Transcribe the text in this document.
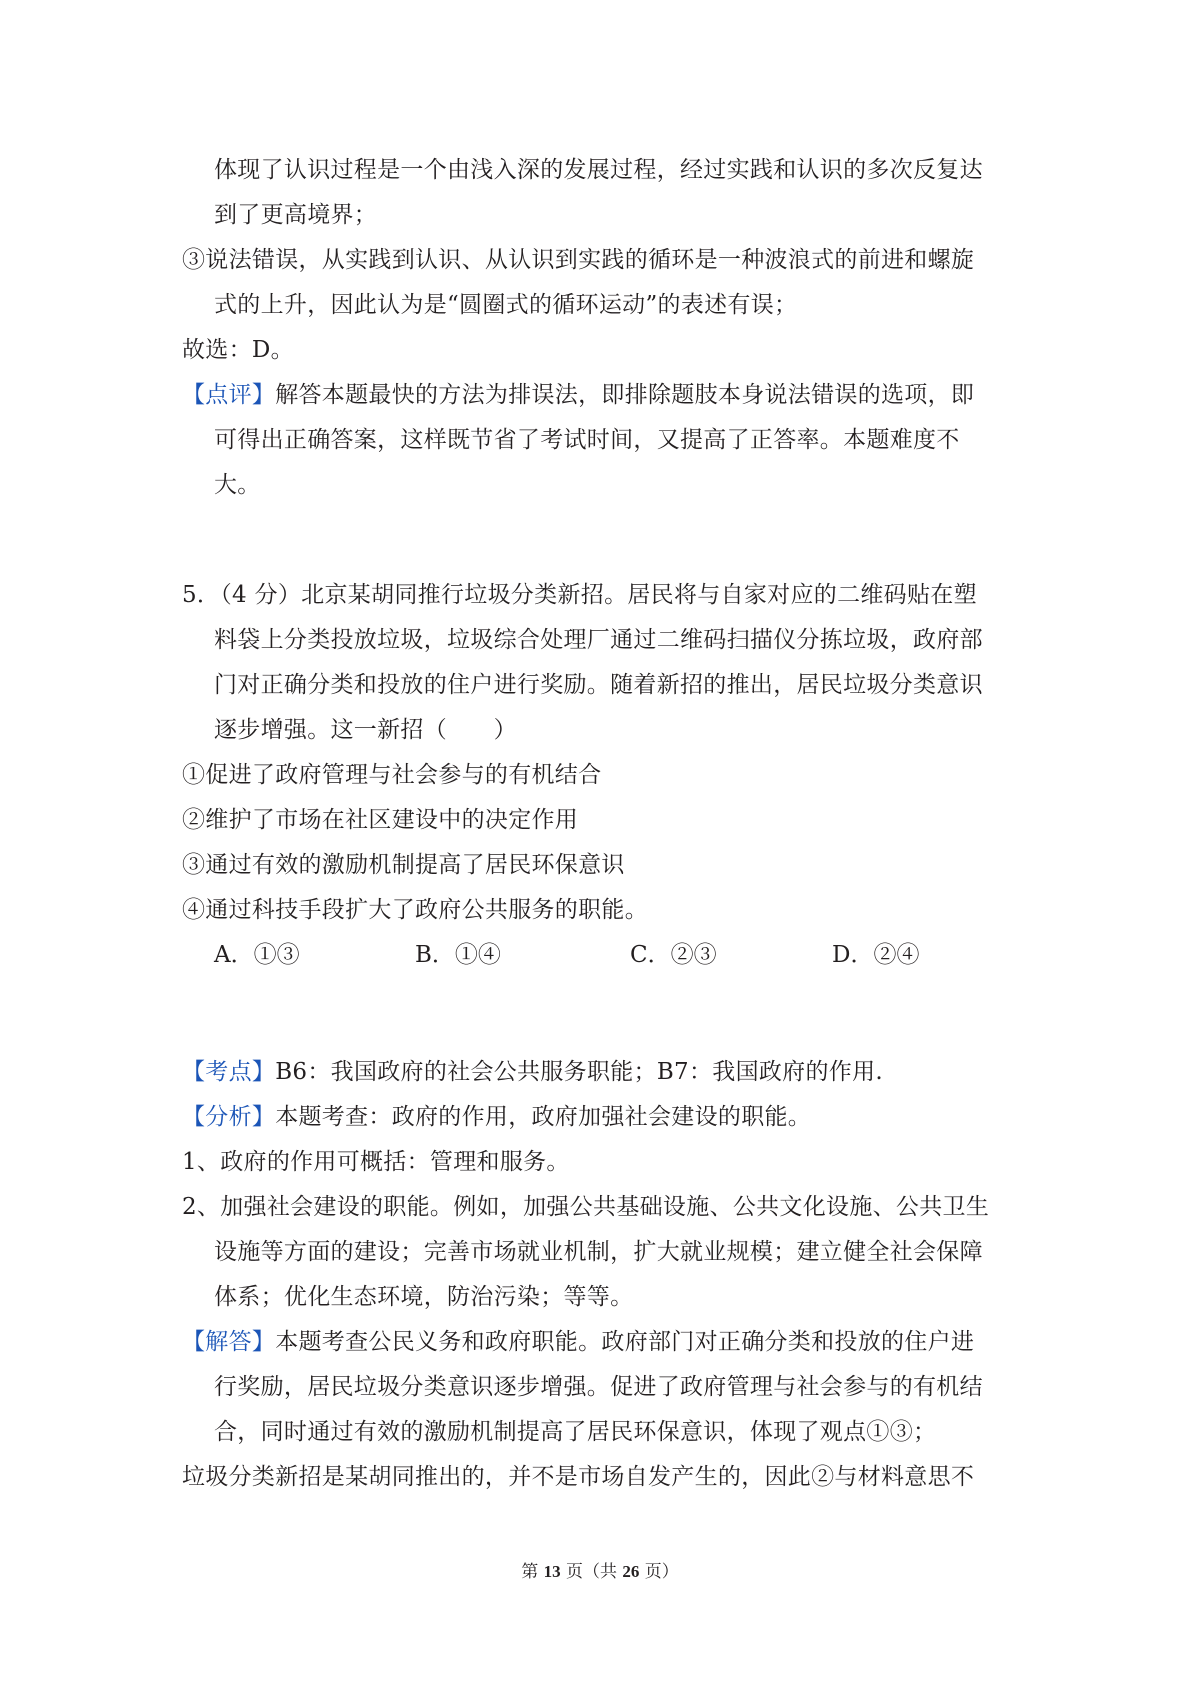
体现了认识过程是一个由浅入深的发展过程，经过实践和认识的多次反复达
到了更高境界；
③说法错误，从实践到认识、从认识到实践的循环是一种波浪式的前进和螺旋
式的上升，因此认为是“圆圈式的循环运动”的表述有误；
故选：D。
【点评】解答本题最快的方法为排误法，即排除题肢本身说法错误的选项，即
可得出正确答案，这样既节省了考试时间，又提高了正答率。本题难度不
大。
5．（4 分）北京某胡同推行垃圾分类新招。居民将与自家对应的二维码贴在塑
料袋上分类投放垃圾，垃圾综合处理厂通过二维码扫描仪分拣垃圾，政府部
门对正确分类和投放的住户进行奖励。随着新招的推出，居民垃圾分类意识
逐步增强。这一新招（　　）
①促进了政府管理与社会参与的有机结合
②维护了市场在社区建设中的决定作用
③通过有效的激励机制提高了居民环保意识
④通过科技手段扩大了政府公共服务的职能。
A．①③	B．①④	C．②③	D．②④
【考点】B6：我国政府的社会公共服务职能；B7：我国政府的作用.
【分析】本题考查：政府的作用，政府加强社会建设的职能。
1、政府的作用可概括：管理和服务。
2、加强社会建设的职能。例如，加强公共基础设施、公共文化设施、公共卫生
设施等方面的建设；完善市场就业机制，扩大就业规模；建立健全社会保障
体系；优化生态环境，防治污染；等等。
【解答】本题考查公民义务和政府职能。政府部门对正确分类和投放的住户进
行奖励，居民垃圾分类意识逐步增强。促进了政府管理与社会参与的有机结
合，同时通过有效的激励机制提高了居民环保意识，体现了观点①③；
垃圾分类新招是某胡同推出的，并不是市场自发产生的，因此②与材料意思不
第 13 页（共 26 页）
